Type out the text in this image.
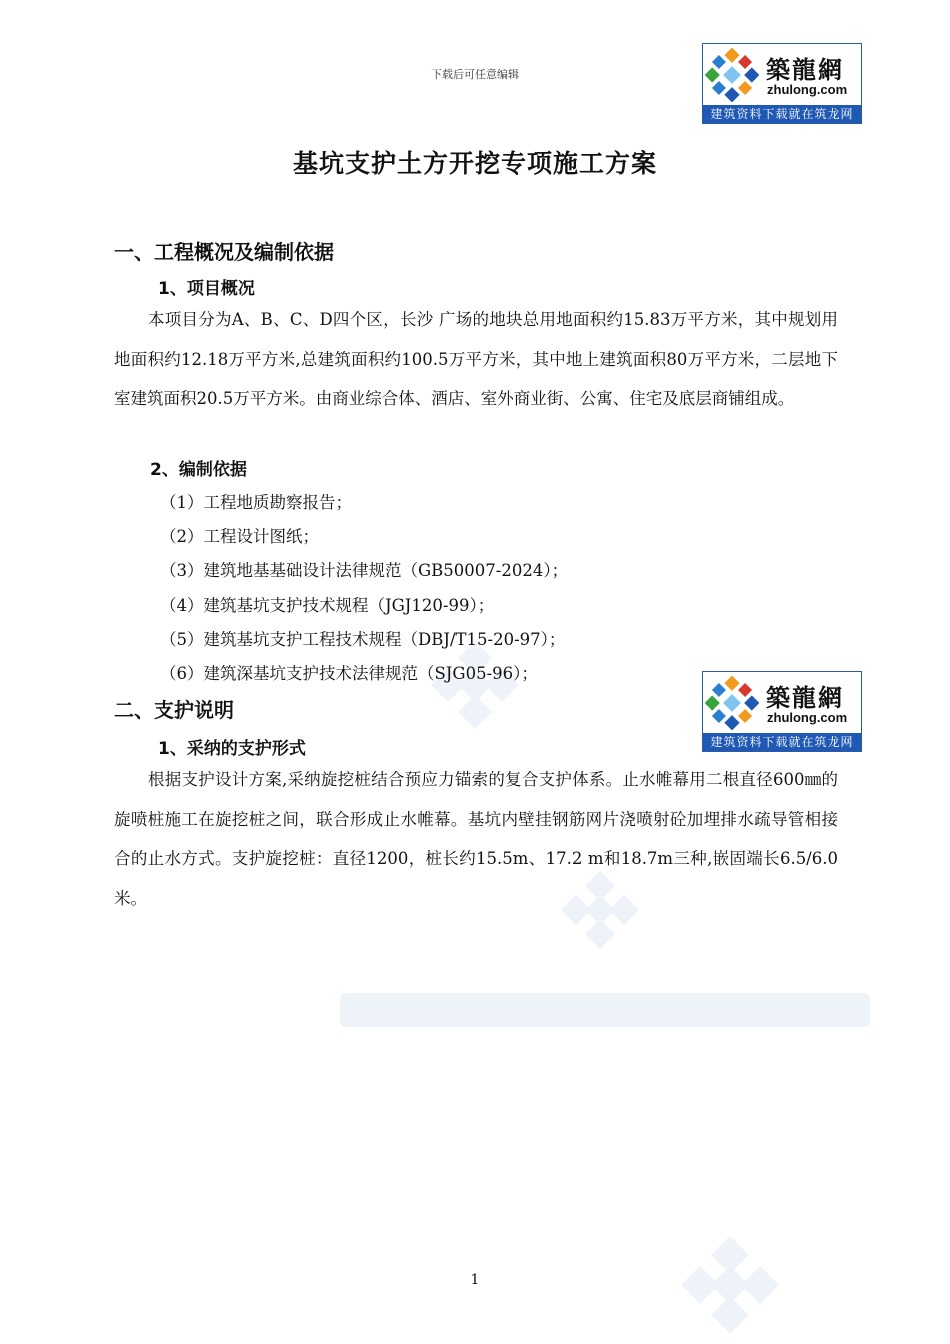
下载后可任意编辑	築龍網
zhulong.com
建筑资料下载就在筑龙网
基坑支护土方开挖专项施工方案
一、工程概况及编制依据
1、项目概况
本项目分为A、B、C、D四个区，长沙 广场的地块总用地面积约15.83万平方米，其中规划用地面积约12.18万平方米,总建筑面积约100.5万平方米，其中地上建筑面积80万平方米，二层地下室建筑面积20.5万平方米。由商业综合体、酒店、室外商业街、公寓、住宅及底层商铺组成。
2、编制依据
（1）工程地质勘察报告；
（2）工程设计图纸；
（3）建筑地基基础设计法律规范（GB50007-2024）；
（4）建筑基坑支护技术规程（JGJ120-99）；
（5）建筑基坑支护工程技术规程（DBJ/T15-20-97）；
（6）建筑深基坑支护技术法律规范（SJG05-96）；
二、支护说明	築龍網
zhulong.com
建筑资料下载就在筑龙网
1、采纳的支护形式
根据支护设计方案,采纳旋挖桩结合预应力锚索的复合支护体系。止水帷幕用二根直径600㎜的旋喷桩施工在旋挖桩之间，联合形成止水帷幕。基坑内壁挂钢筋网片浇喷射砼加埋排水疏导管相接合的止水方式。支护旋挖桩：直径1200，桩长约15.5m、17.2 m和18.7m三种,嵌固端长6.5/6.0米。
1
